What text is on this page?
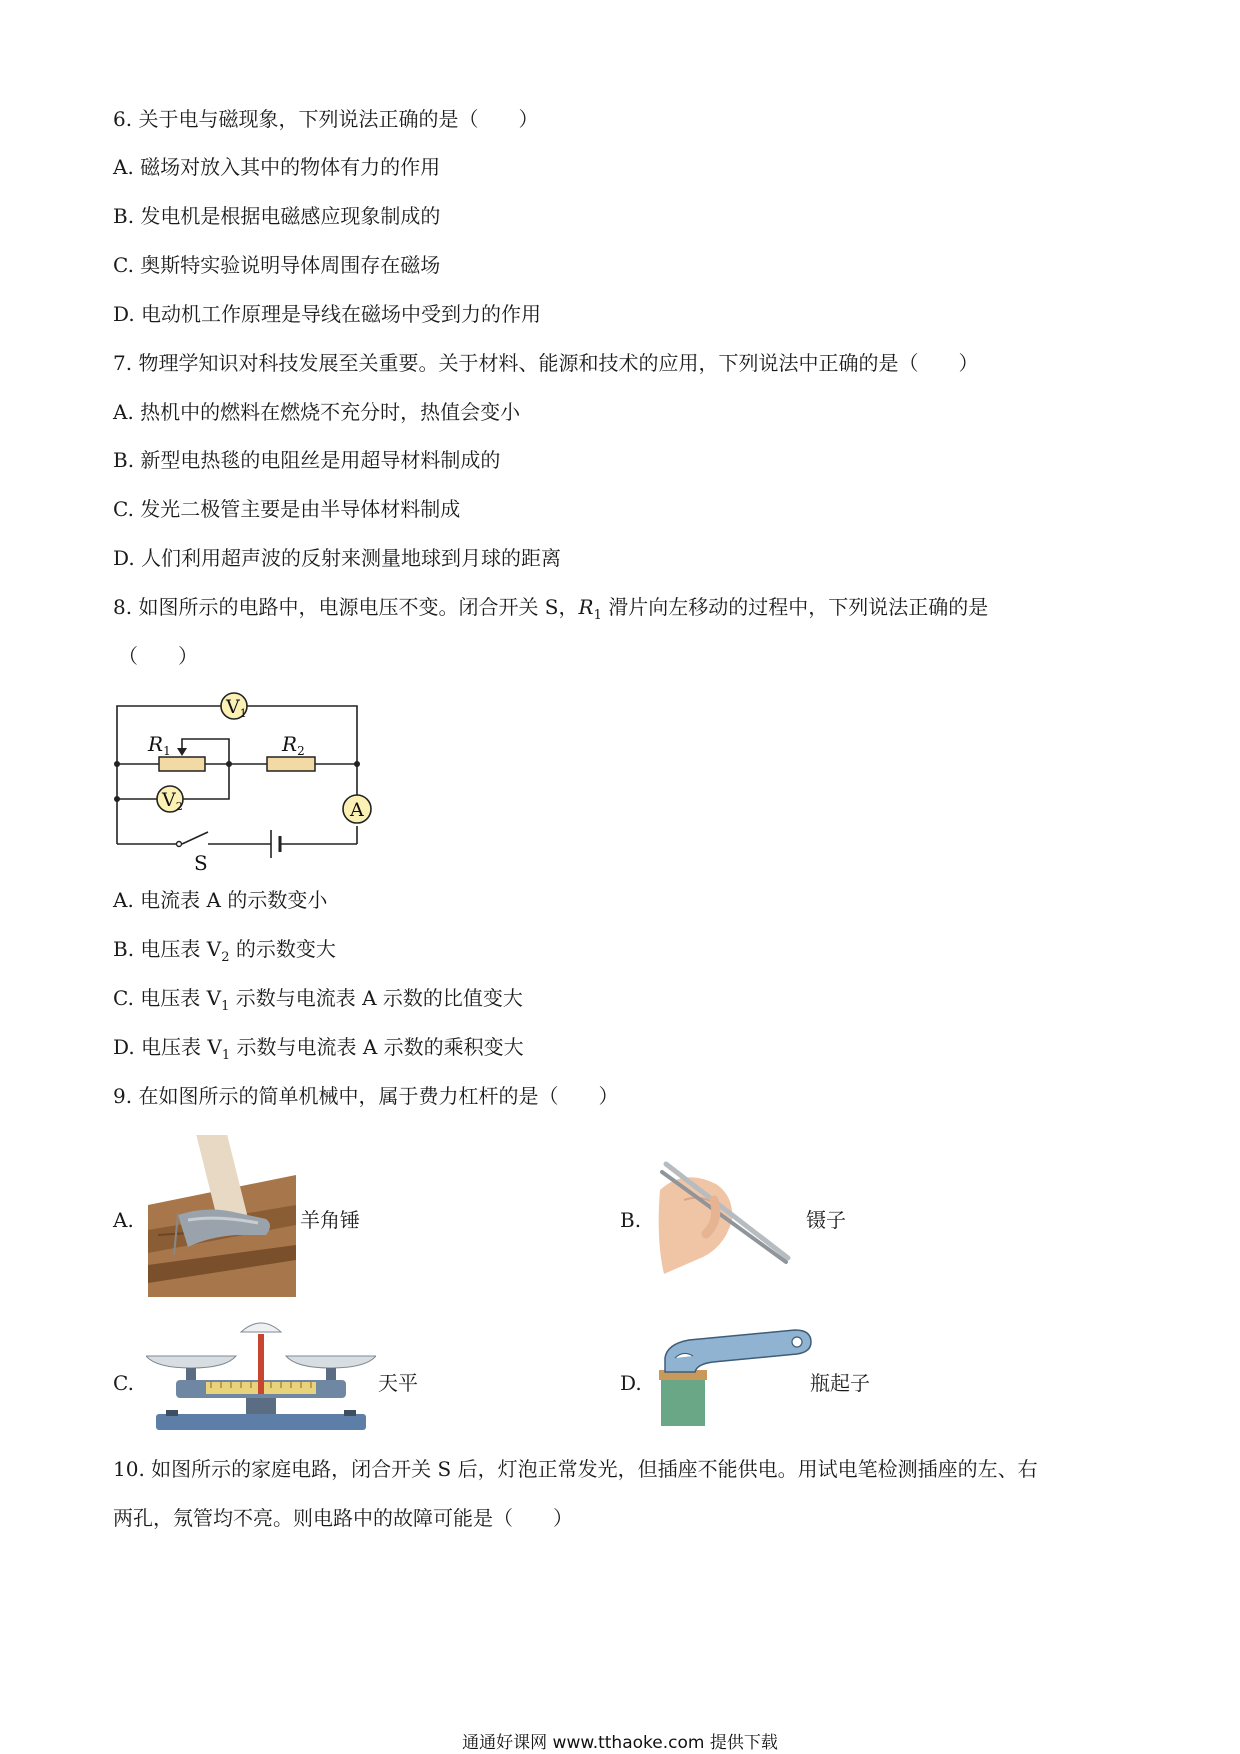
6. 关于电与磁现象，下列说法正确的是（　　）
A. 磁场对放入其中的物体有力的作用
B. 发电机是根据电磁感应现象制成的
C. 奥斯特实验说明导体周围存在磁场
D. 电动机工作原理是导线在磁场中受到力的作用
7. 物理学知识对科技发展至关重要。关于材料、能源和技术的应用，下列说法中正确的是（　　）
A. 热机中的燃料在燃烧不充分时，热值会变小
B. 新型电热毯的电阻丝是用超导材料制成的
C. 发光二极管主要是由半导体材料制成
D. 人们利用超声波的反射来测量地球到月球的距离
8. 如图所示的电路中，电源电压不变。闭合开关 S，$R_1$ 滑片向左移动的过程中，下列说法正确的是
（　　）
$V_1$
$V_2$	A
$R_1$	$R_2$
S
A. 电流表 A 的示数变小
B. 电压表 $V_2$ 的示数变大
C. 电压表 $V_1$ 示数与电流表 A 示数的比值变大
D. 电压表 $V_1$ 示数与电流表 A 示数的乘积变大
9. 在如图所示的简单机械中，属于费力杠杆的是（　　）
A.	羊角锤	B.	镊子
C.	天平	D.	瓶起子
10. 如图所示的家庭电路，闭合开关 S 后，灯泡正常发光，但插座不能供电。用试电笔检测插座的左、右
两孔，氖管均不亮。则电路中的故障可能是（　　）
通通好课网 www.tthaoke.com 提供下载
